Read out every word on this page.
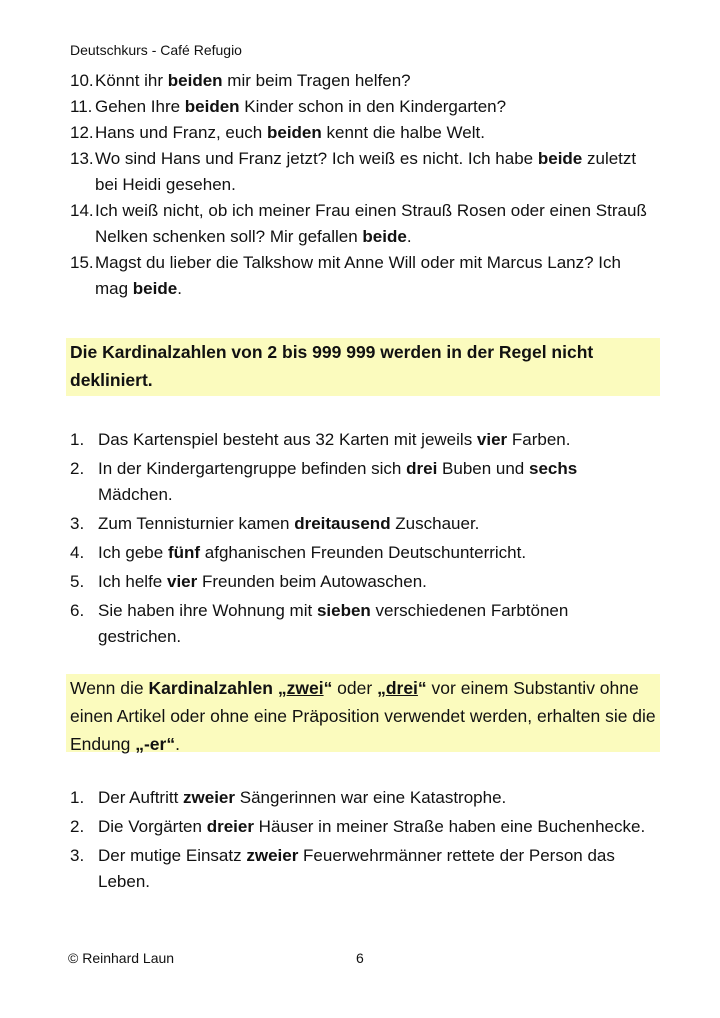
Deutschkurs - Café Refugio
10. Könnt ihr beiden mir beim Tragen helfen?
11. Gehen Ihre beiden Kinder schon in den Kindergarten?
12. Hans und Franz, euch beiden kennt die halbe Welt.
13. Wo sind Hans und Franz jetzt? Ich weiß es nicht. Ich habe beide zuletzt bei Heidi gesehen.
14. Ich weiß nicht, ob ich meiner Frau einen Strauß Rosen oder einen Strauß Nelken schenken soll? Mir gefallen beide.
15. Magst du lieber die Talkshow mit Anne Will oder mit Marcus Lanz? Ich mag beide.
Die Kardinalzahlen von 2 bis 999 999 werden in der Regel nicht dekliniert.
1. Das Kartenspiel besteht aus 32 Karten mit jeweils vier Farben.
2. In der Kindergartengruppe befinden sich drei Buben und sechs Mädchen.
3. Zum Tennisturnier kamen dreitausend Zuschauer.
4. Ich gebe fünf afghanischen Freunden Deutschunterricht.
5. Ich helfe vier Freunden beim Autowaschen.
6. Sie haben ihre Wohnung mit sieben verschiedenen Farbtönen gestrichen.
Wenn die Kardinalzahlen „zwei“ oder „drei“ vor einem Substantiv ohne einen Artikel oder ohne eine Präposition verwendet werden, erhalten sie die Endung „-er“.
1. Der Auftritt zweier Sängerinnen war eine Katastrophe.
2. Die Vorgärten dreier Häuser in meiner Straße haben eine Buchenhecke.
3. Der mutige Einsatz zweier Feuerwehrmänner rettete der Person das Leben.
© Reinhard Laun	6
